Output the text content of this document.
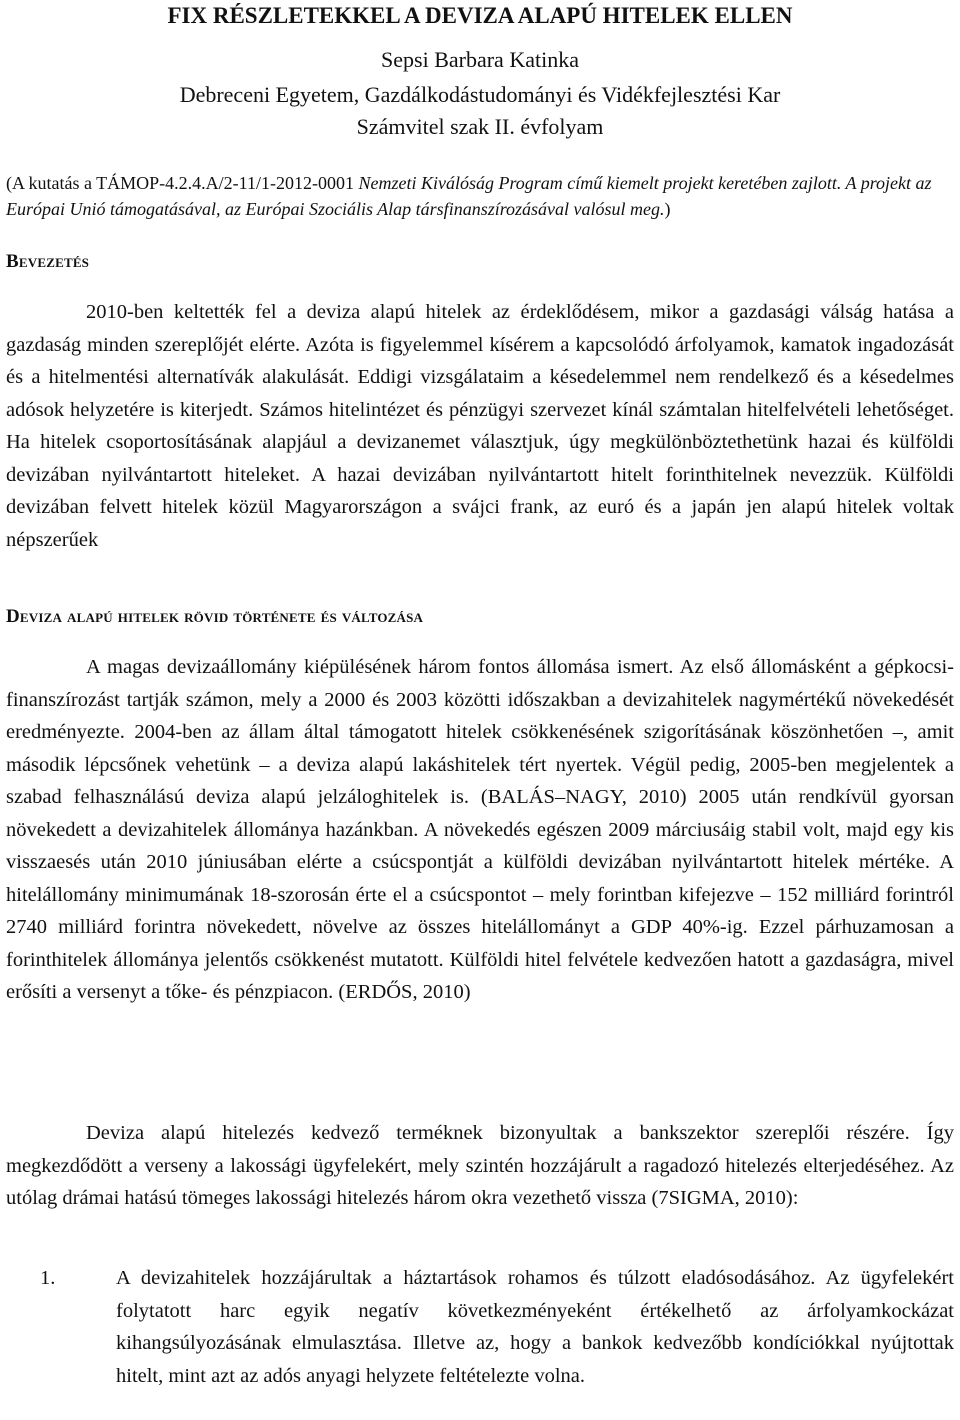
FIX RÉSZLETEKKEL A DEVIZA ALAPÚ HITELEK ELLEN

Sepsi Barbara Katinka

Debreceni Egyetem, Gazdálkodástudományi és Vidékfejlesztési Kar

Számvitel szak II. évfolyam

(A kutatás a TÁMOP-4.2.4.A/2-11/1-2012-0001 Nemzeti Kiválóság Program című kiemelt projekt keretében zajlott. A projekt az Európai Unió támogatásával, az Európai Szociális Alap társfinanszírozásával valósul meg.)

Bevezetés

2010-ben keltették fel a deviza alapú hitelek az érdeklődésem, mikor a gazdasági válság hatása a gazdaság minden szereplőjét elérte. Azóta is figyelemmel kísérem a kapcsolódó árfolyamok, kamatok ingadozását és a hitelmentési alternatívák alakulását. Eddigi vizsgálataim a késedelemmel nem rendelkező és a késedelmes adósok helyzetére is kiterjedt. Számos hitelintézet és pénzügyi szervezet kínál számtalan hitelfelvételi lehetőséget. Ha hitelek csoportosításának alapjául a devizanemet választjuk, úgy megkülönböztethetünk hazai és külföldi devizában nyilvántartott hiteleket. A hazai devizában nyilvántartott hitelt forinthitelnek nevezzük. Külföldi devizában felvett hitelek közül Magyarországon a svájci frank, az euró és a japán jen alapú hitelek voltak népszerűek

Deviza alapú hitelek rövid története és változása

A magas devizaállomány kiépülésének három fontos állomása ismert. Az első állomásként a gépkocsi-finanszírozást tartják számon, mely a 2000 és 2003 közötti időszakban a devizahitelek nagymértékű növekedését eredményezte. 2004-ben az állam által támogatott hitelek csökkenésének szigorításának köszönhetően –, amit második lépcsőnek vehetünk – a deviza alapú lakáshitelek tért nyertek. Végül pedig, 2005-ben megjelentek a szabad felhasználású deviza alapú jelzáloghitelek is. (BALÁS–NAGY, 2010) 2005 után rendkívül gyorsan növekedett a devizahitelek állománya hazánkban. A növekedés egészen 2009 márciusáig stabil volt, majd egy kis visszaesés után 2010 júniusában elérte a csúcspontját a külföldi devizában nyilvántartott hitelek mértéke. A hitelállomány minimumának 18-szorosán érte el a csúcspontot – mely forintban kifejezve – 152 milliárd forintról 2740 milliárd forintra növekedett, növelve az összes hitelállományt a GDP 40%-ig. Ezzel párhuzamosan a forinthitelek állománya jelentős csökkenést mutatott. Külföldi hitel felvétele kedvezően hatott a gazdaságra, mivel erősíti a versenyt a tőke- és pénzpiacon. (ERDŐS, 2010)

Deviza alapú hitelezés kedvező terméknek bizonyultak a bankszektor szereplői részére. Így megkezdődött a verseny a lakossági ügyfelekért, mely szintén hozzájárult a ragadozó hitelezés elterjedéséhez. Az utólag drámai hatású tömeges lakossági hitelezés három okra vezethető vissza (7SIGMA, 2010):

1.	A devizahitelek hozzájárultak a háztartások rohamos és túlzott eladósodásához. Az ügyfelekért folytatott harc egyik negatív következményeként értékelhető az árfolyamkockázat kihangsúlyozásának elmulasztása. Illetve az, hogy a bankok kedvezőbb kondíciókkal nyújtottak hitelt, mint azt az adós anyagi helyzete feltételezte volna.
